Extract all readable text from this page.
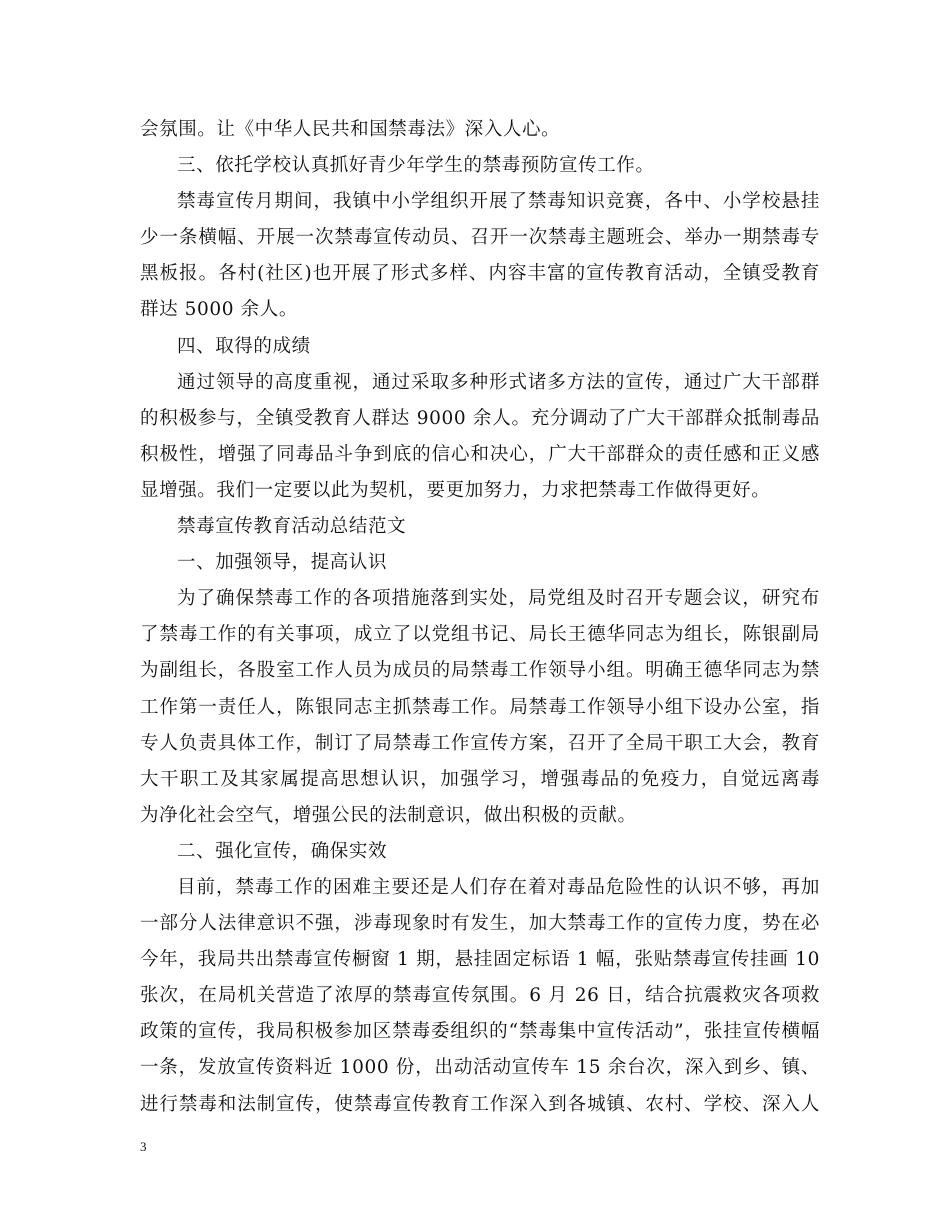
会氛围。让《中华人民共和国禁毒法》深入人心。
三、依托学校认真抓好青少年学生的禁毒预防宣传工作。
禁毒宣传月期间，我镇中小学组织开展了禁毒知识竞赛，各中、小学校悬挂
少一条横幅、开展一次禁毒宣传动员、召开一次禁毒主题班会、举办一期禁毒专
黑板报。各村(社区)也开展了形式多样、内容丰富的宣传教育活动，全镇受教育
群达 5000 余人。
四、取得的成绩
通过领导的高度重视，通过采取多种形式诸多方法的宣传，通过广大干部群
的积极参与，全镇受教育人群达 9000 余人。充分调动了广大干部群众抵制毒品
积极性，增强了同毒品斗争到底的信心和决心，广大干部群众的责任感和正义感
显增强。我们一定要以此为契机，要更加努力，力求把禁毒工作做得更好。
禁毒宣传教育活动总结范文
一、加强领导，提高认识
为了确保禁毒工作的各项措施落到实处，局党组及时召开专题会议，研究布
了禁毒工作的有关事项，成立了以党组书记、局长王德华同志为组长，陈银副局
为副组长，各股室工作人员为成员的局禁毒工作领导小组。明确王德华同志为禁
工作第一责任人，陈银同志主抓禁毒工作。局禁毒工作领导小组下设办公室，指
专人负责具体工作，制订了局禁毒工作宣传方案，召开了全局干职工大会，教育
大干职工及其家属提高思想认识，加强学习，增强毒品的免疫力，自觉远离毒
为净化社会空气，增强公民的法制意识，做出积极的贡献。
二、强化宣传，确保实效
目前，禁毒工作的困难主要还是人们存在着对毒品危险性的认识不够，再加
一部分人法律意识不强，涉毒现象时有发生，加大禁毒工作的宣传力度，势在必
今年，我局共出禁毒宣传橱窗 1 期，悬挂固定标语 1 幅，张贴禁毒宣传挂画 10
张次，在局机关营造了浓厚的禁毒宣传氛围。6 月 26 日，结合抗震救灾各项救
政策的宣传，我局积极参加区禁毒委组织的“禁毒集中宣传活动”，张挂宣传横幅
一条，发放宣传资料近 1000 份，出动活动宣传车 15 余台次，深入到乡、镇、
进行禁毒和法制宣传，使禁毒宣传教育工作深入到各城镇、农村、学校、深入人
3
